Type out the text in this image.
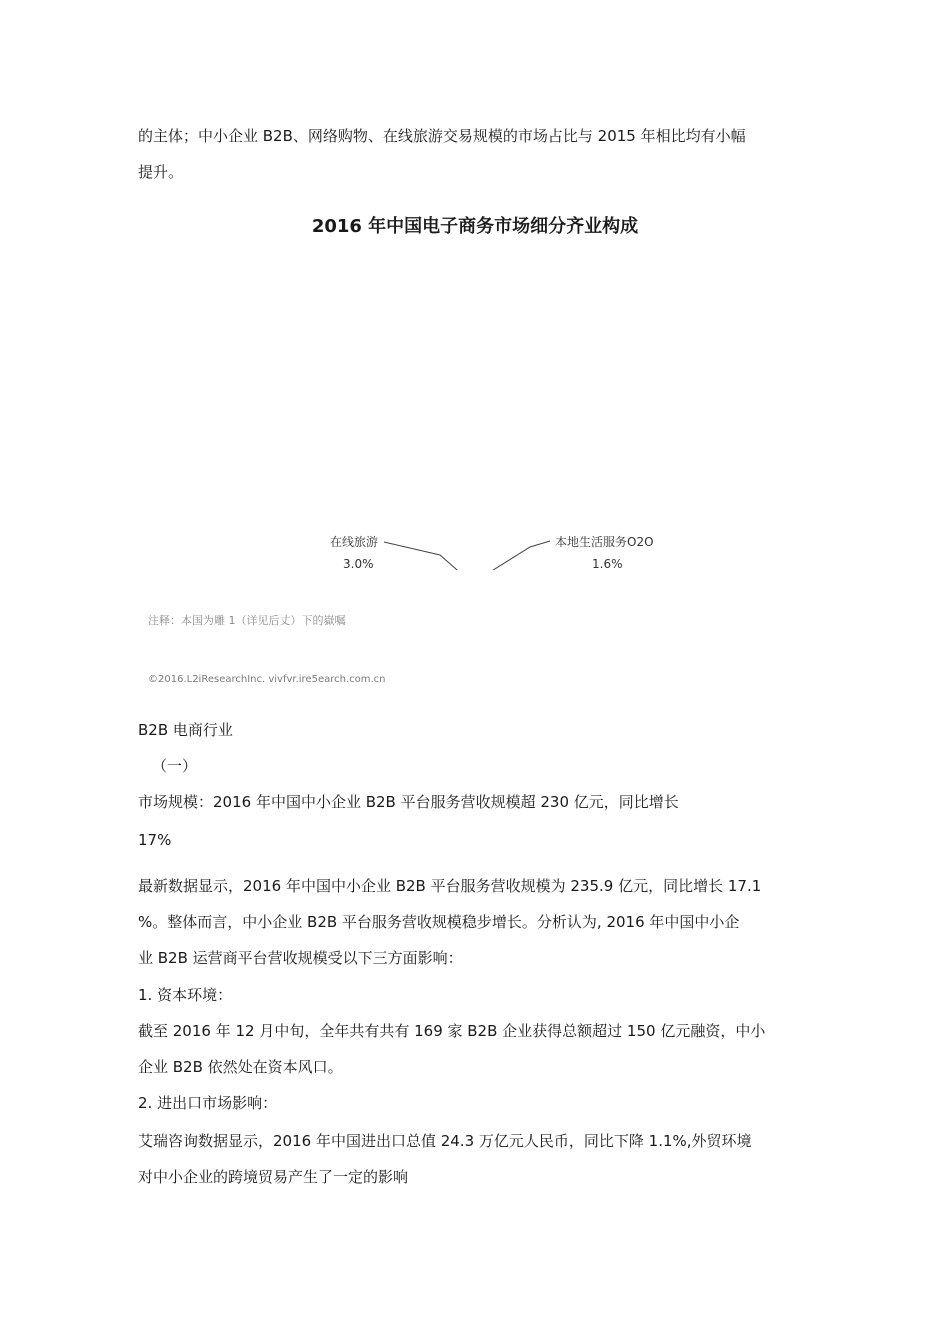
的主体；中小企业 B2B、网络购物、在线旅游交易规模的市场占比与 2015 年相比均有小幅

提升。

2016 年中国电子商务市场细分齐业构成

在线旅游
3.0%
本地生活服务O2O
1.6%
注释：本国为雕 1（详见后丈）下的嶽嘱
©2016.L2iResearchInc. vivfvr.ire5earch.com.cn

B2B 电商行业

（一）

市场规模：2016 年中国中小企业 B2B 平台服务营收规模超 230 亿元，同比增长

17%

最新数据显示，2016 年中国中小企业 B2B 平台服务营收规模为 235.9 亿元，同比增长 17.1

%。整体而言，中小企业 B2B 平台服务营收规模稳步增长。分析认为, 2016 年中国中小企

业 B2B 运营商平台营收规模受以下三方面影响：

1. 资本环境：

截至 2016 年 12 月中旬，全年共有共有 169 家 B2B 企业获得总额超过 150 亿元融资，中小

企业 B2B 依然处在资本风口。

2. 进出口市场影响：

艾瑞咨询数据显示，2016 年中国进出口总值 24.3 万亿元人民币，同比下降 1.1%,外贸环境

对中小企业的跨境贸易产生了一定的影响
